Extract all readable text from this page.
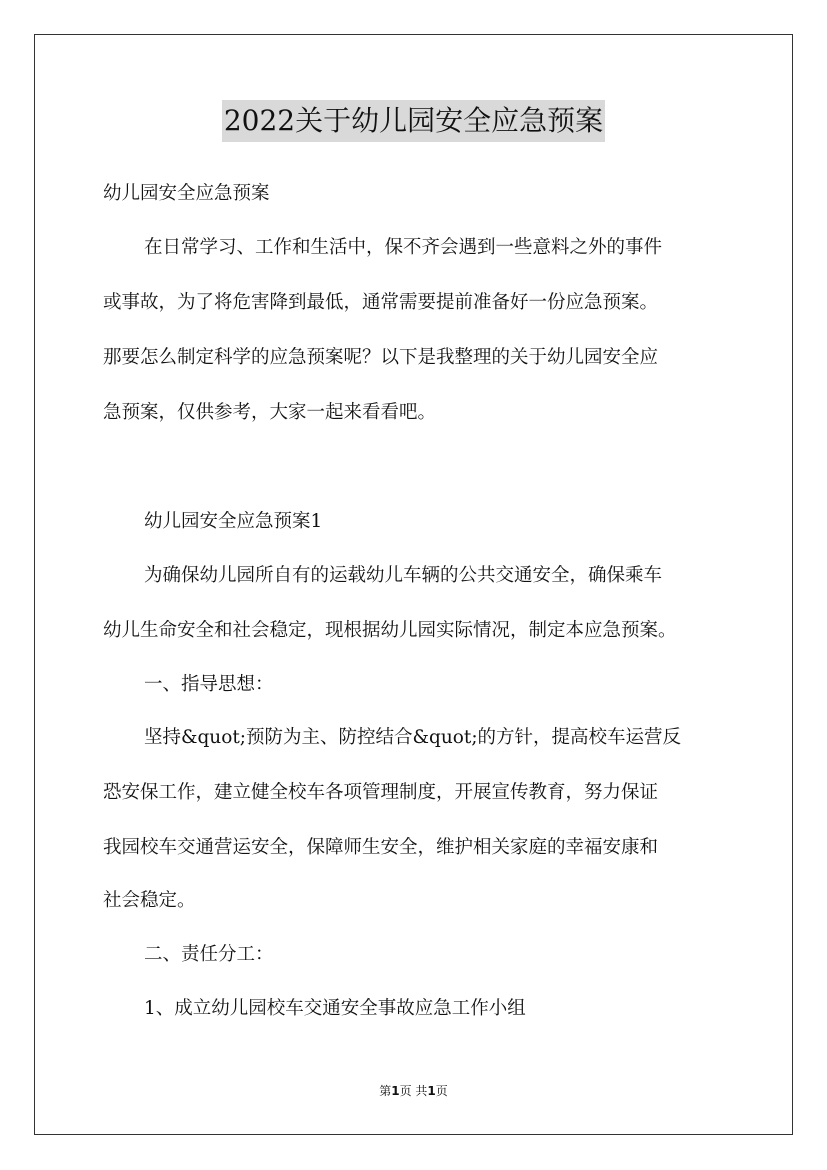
2022关于幼儿园安全应急预案
幼儿园安全应急预案
在日常学习、工作和生活中，保不齐会遇到一些意料之外的事件
或事故，为了将危害降到最低，通常需要提前准备好一份应急预案。
那要怎么制定科学的应急预案呢？以下是我整理的关于幼儿园安全应
急预案，仅供参考，大家一起来看看吧。
幼儿园安全应急预案1
为确保幼儿园所自有的运载幼儿车辆的公共交通安全，确保乘车
幼儿生命安全和社会稳定，现根据幼儿园实际情况，制定本应急预案。
一、指导思想：
坚持&quot;预防为主、防控结合&quot;的方针，提高校车运营反
恐安保工作，建立健全校车各项管理制度，开展宣传教育，努力保证
我园校车交通营运安全，保障师生安全，维护相关家庭的幸福安康和
社会稳定。
二、责任分工：
1、成立幼儿园校车交通安全事故应急工作小组
第1页 共1页
